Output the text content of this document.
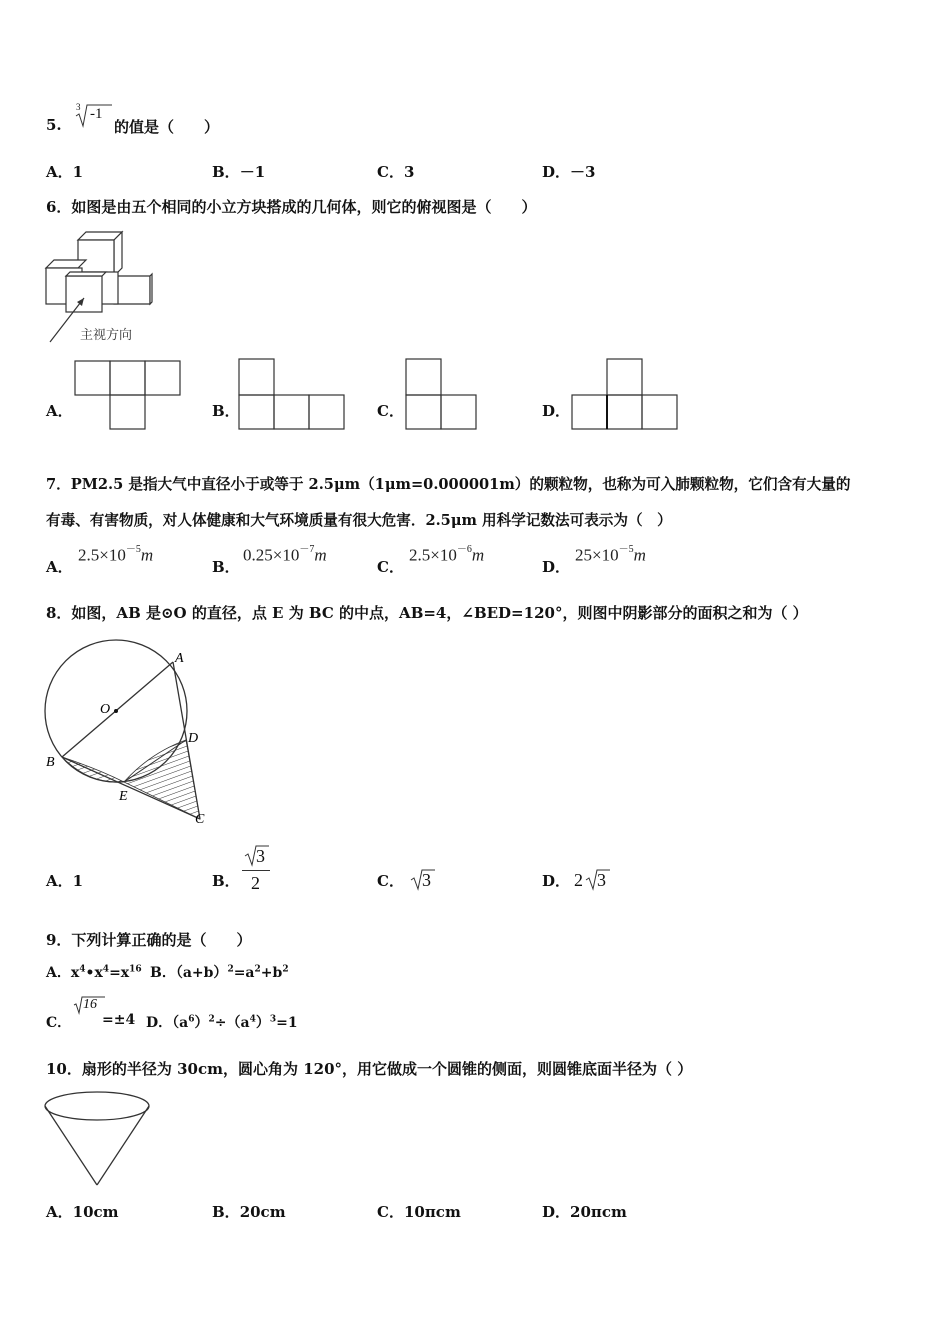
5.
3 -1
的值是（　　）
A．1	B．－1	C．3	D．－3
6．如图是由五个相同的小立方块搭成的几何体，则它的俯视图是（　　）
主视方向
A．	B．	C．	D．
7．PM2.5 是指大气中直径小于或等于 2.5μm（1μm=0.000001m）的颗粒物，也称为可入肺颗粒物，它们含有大量的
有毒、有害物质，对人体健康和大气环境质量有很大危害．2.5μm 用科学记数法可表示为（　）
A．
$2.5\times 10^{-5}m$
B．
$0.25\times 10^{-7}m$
C．
$2.5\times 10^{-6}m$
D．
$25\times 10^{-5}m$
8．如图，AB 是⊙O 的直径，点 E 为 BC 的中点，AB=4，∠BED=120°，则图中阴影部分的面积之和为（ ）
A
O
D
B
E
C
A．1	B．
3
2	C． 3	D． 2 3
9．下列计算正确的是（　　）
A．$x^4•x^4=x^{16}$ B．$(a+b)^2=a^2+b^2$
C．
16
=±4 D．$(a^6)^2\div(a^4)^3=1$
10．扇形的半径为 30cm，圆心角为 120°，用它做成一个圆锥的侧面，则圆锥底面半径为（ ）
A．10cm	B．20cm	C．10πcm	D．20πcm
